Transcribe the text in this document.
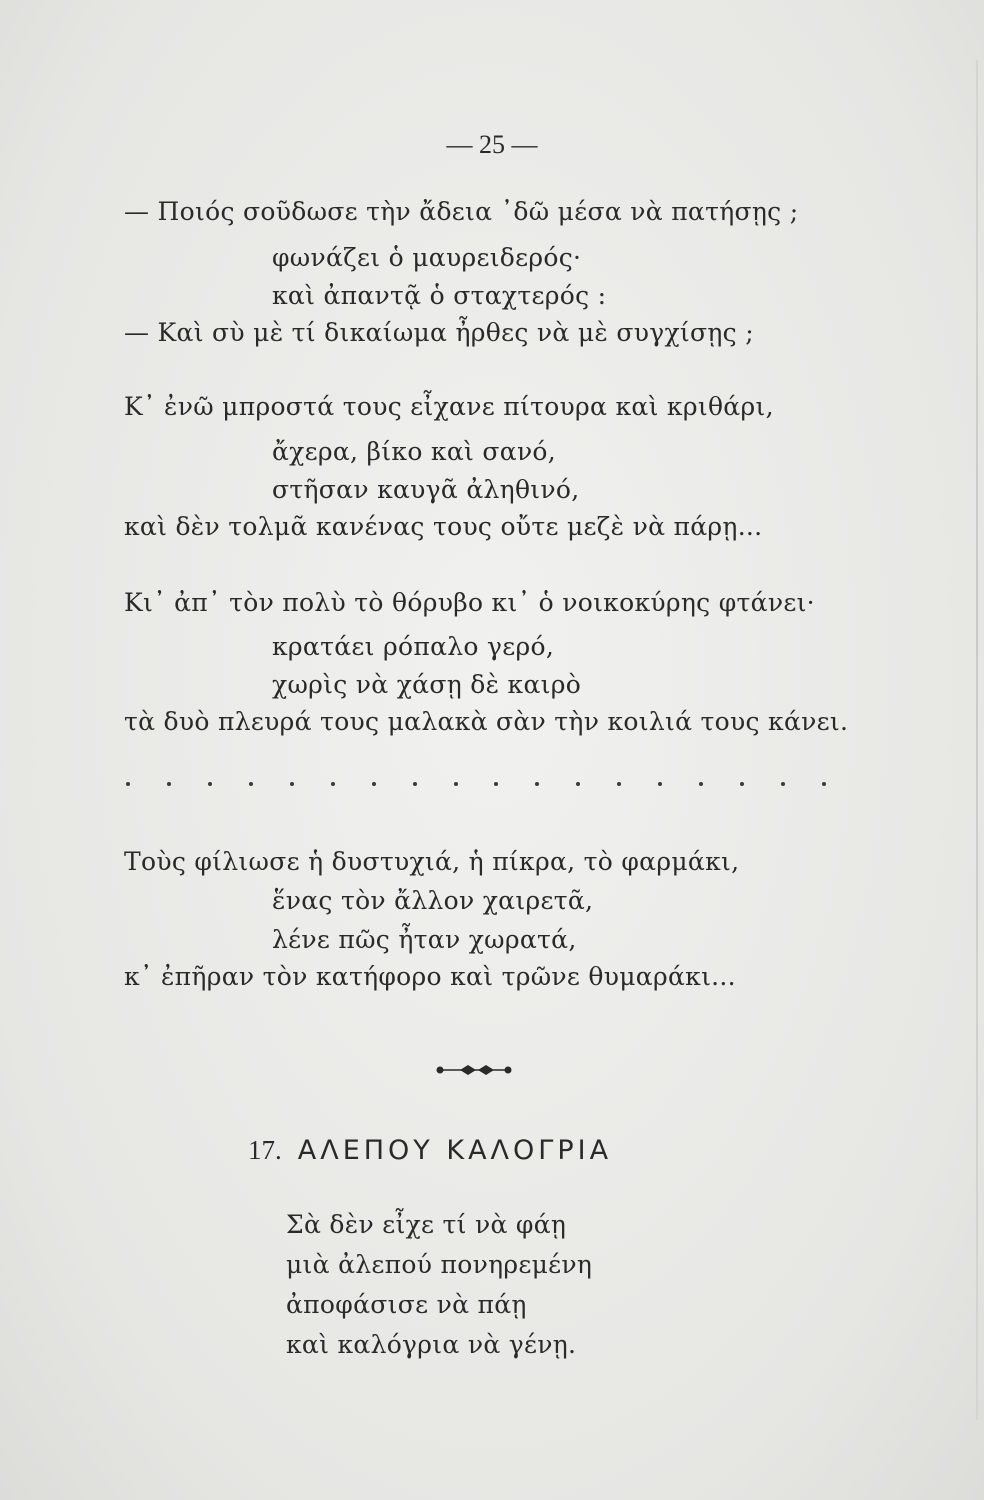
— 25 —
— Ποιός σοῦδωσε τὴν ἄδεια ᾿δῶ μέσα νὰ πατήσῃς ;
φωνάζει ὁ μαυρειδερός·
καὶ ἀπαντᾷ ὁ σταχτερός :
— Καὶ σὺ μὲ τί δικαίωμα ἦρθες νὰ μὲ συγχίσῃς ;
Κ᾿ ἐνῶ μπροστά τους εἶχανε πίτουρα καὶ κριθάρι,
ἄχερα, βίκο καὶ σανό,
στῆσαν καυγᾶ ἀληθινό,
καὶ δὲν τολμᾶ κανένας τους οὔτε μεζὲ νὰ πάρῃ...
Κι᾿ ἀπ᾿ τὸν πολὺ τὸ θόρυβο κι᾿ ὁ νοικοκύρης φτάνει·
κρατάει ρόπαλο γερό,
χωρὶς νὰ χάσῃ δὲ καιρὸ
τὰ δυὸ πλευρά τους μαλακὰ σὰν τὴν κοιλιά τους κάνει.
Τοὺς φίλιωσε ἡ δυστυχιά, ἡ πίκρα, τὸ φαρμάκι,
ἕνας τὸν ἄλλον χαιρετᾶ,
λένε πῶς ἦταν χωρατά,
κ᾿ ἐπῆραν τὸν κατήφορο καὶ τρῶνε θυμαράκι...
17. ΑΛΕΠΟΥ ΚΑΛΟΓΡΙΑ
Σὰ δὲν εἶχε τί νὰ φάῃ
μιὰ ἀλεπού πονηρεμένη
ἀποφάσισε νὰ πάῃ
καὶ καλόγρια νὰ γένῃ.
